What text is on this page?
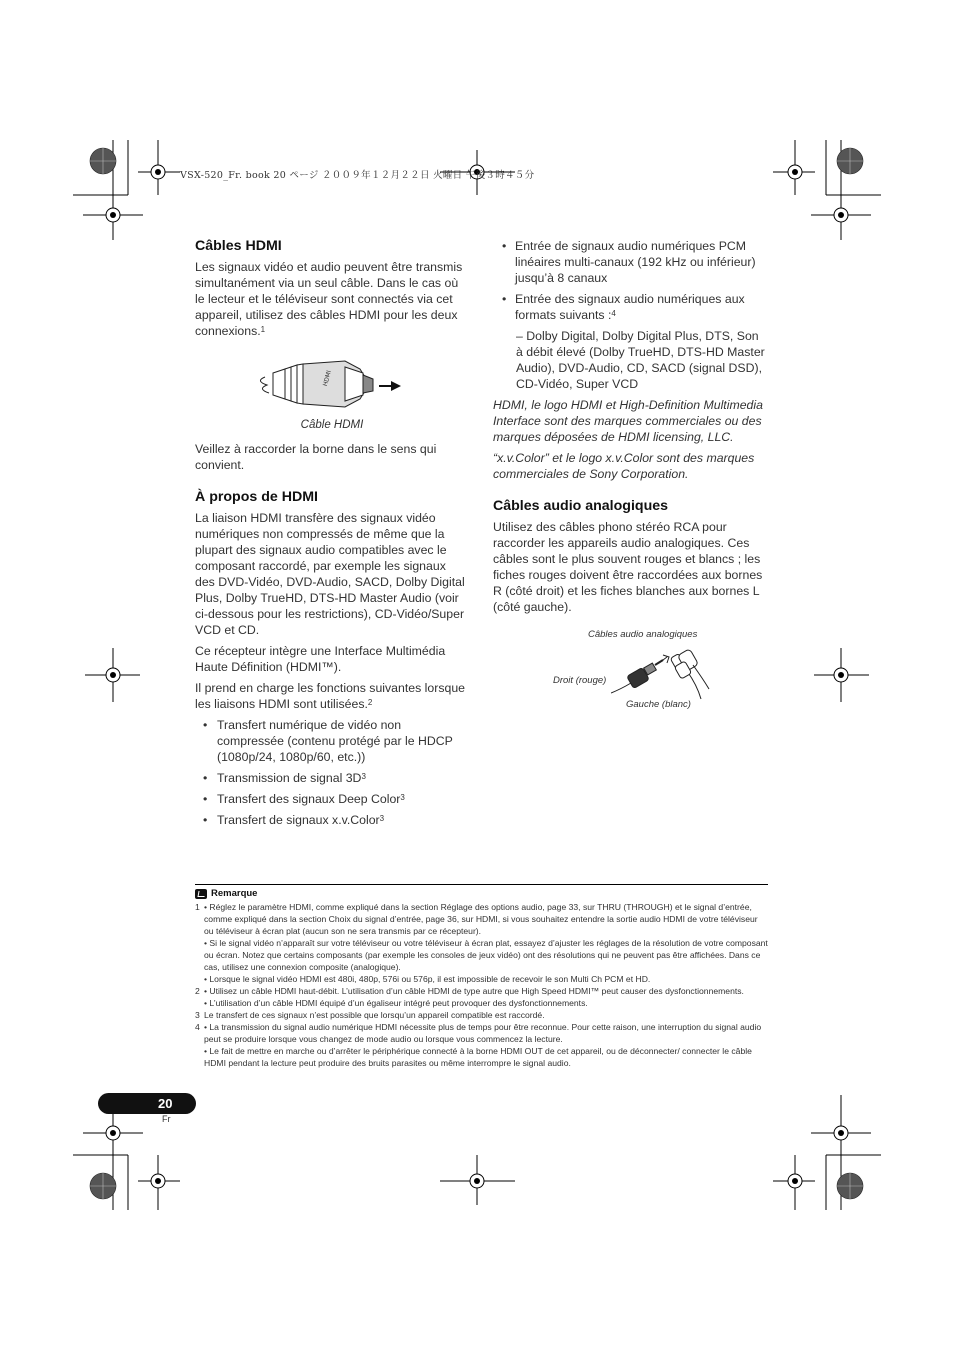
VSX-520_Fr. book 20 ページ ２００９年１２月２２日 火曜日 午後３時４５分
Câbles HDMI

Les signaux vidéo et audio peuvent être transmis simultanément via un seul câble. Dans le cas où le lecteur et le téléviseur sont connectés via cet appareil, utilisez des câbles HDMI pour les deux connexions.$^1$

HDMI
Câble HDMI

Veillez à raccorder la borne dans le sens qui convient.

À propos de HDMI

La liaison HDMI transfère des signaux vidéo numériques non compressés de même que la plupart des signaux audio compatibles avec le composant raccordé, par exemple les signaux des DVD-Vidéo, DVD-Audio, SACD, Dolby Digital Plus, Dolby TrueHD, DTS-HD Master Audio (voir ci-dessous pour les restrictions), CD-Vidéo/Super VCD et CD.

Ce récepteur intègre une Interface Multimédia Haute Définition (HDMI™).

Il prend en charge les fonctions suivantes lorsque les liaisons HDMI sont utilisées.$^2$

• Transfert numérique de vidéo non compressée (contenu protégé par le HDCP (1080p/24, 1080p/60, etc.))
• Transmission de signal $3D^3$
• Transfert des signaux Deep Color$^3$
• Transfert de signaux x.v.Color$^3$
• Entrée de signaux audio numériques PCM linéaires multi-canaux (192 kHz ou inférieur) jusqu’à 8 canaux
• Entrée des signaux audio numériques aux formats suivants :$^4$

– Dolby Digital, Dolby Digital Plus, DTS, Son à débit élevé (Dolby TrueHD, DTS-HD Master Audio), DVD-Audio, CD, SACD (signal DSD), CD-Vidéo, Super VCD

HDMI, le logo HDMI et High-Definition Multimedia Interface sont des marques commerciales ou des marques déposées de HDMI licensing, LLC.

“x.v.Color” et le logo x.v.Color sont des marques commerciales de Sony Corporation.

Câbles audio analogiques

Utilisez des câbles phono stéréo RCA pour raccorder les appareils audio analogiques. Ces câbles sont le plus souvent rouges et blancs ; les fiches rouges doivent être raccordées aux bornes R (côté droit) et les fiches blanches aux bornes L (côté gauche).

Câbles audio analogiques
Droit (rouge)
Gauche (blanc)
Remarque
1 • Réglez le paramètre HDMI, comme expliqué dans la section Réglage des options audio, page 33, sur THRU (THROUGH) et le signal d’entrée, comme expliqué dans la section Choix du signal d’entrée, page 36, sur HDMI, si vous souhaitez entendre la sortie audio HDMI de votre téléviseur ou téléviseur à écran plat (aucun son ne sera transmis par ce récepteur).
• Si le signal vidéo n’apparaît sur votre téléviseur ou votre téléviseur à écran plat, essayez d’ajuster les réglages de la résolution de votre composant ou écran. Notez que certains composants (par exemple les consoles de jeux vidéo) ont des résolutions qui ne peuvent pas être affichées. Dans ce cas, utilisez une connexion composite (analogique).
• Lorsque le signal vidéo HDMI est 480i, 480p, 576i ou 576p, il est impossible de recevoir le son Multi Ch PCM et HD.
2 • Utilisez un câble HDMI haut-débit. L’utilisation d’un câble HDMI de type autre que High Speed HDMI™ peut causer des dysfonctionnements.
• L’utilisation d’un câble HDMI équipé d’un égaliseur intégré peut provoquer des dysfonctionnements.
3 Le transfert de ces signaux n’est possible que lorsqu’un appareil compatible est raccordé.
4 • La transmission du signal audio numérique HDMI nécessite plus de temps pour être reconnue. Pour cette raison, une interruption du signal audio peut se produire lorsque vous changez de mode audio ou lorsque vous commencez la lecture.
• Le fait de mettre en marche ou d’arrêter le périphérique connecté à la borne HDMI OUT de cet appareil, ou de déconnecter/ connecter le câble HDMI pendant la lecture peut produire des bruits parasites ou même interrompre le signal audio.
20
Fr
